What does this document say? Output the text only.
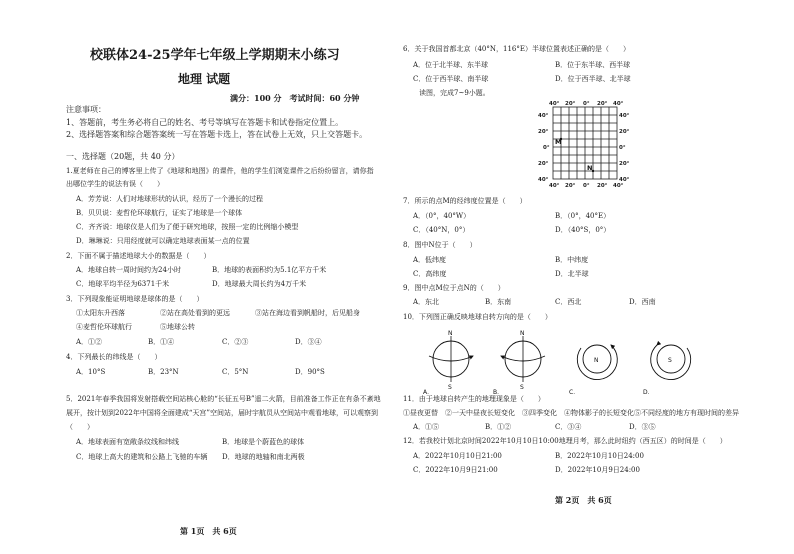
校联体24-25学年七年级上学期期末小练习
地理 试题
满分：100 分　考试时间：60 分钟
注意事项：
1、答题前，考生务必将自己的姓名、考号等填写在答题卡和试卷指定位置上。
2、选择题答案和综合题答案统一写在答题卡选上，答在试卷上无效，只上交答题卡。
一、选择题（20题，共 40 分）
1.夏老师在自己的博客里上传了《地球和地图》的课件，他的学生们浏览课件之后纷纷留言，请你指
出哪位学生的说法有误（　　）
A．芳芳说：人们对地球形状的认识，经历了一个漫长的过程
B．贝贝说：麦哲伦环球航行，证实了地球是一个球体
C．齐齐说：地球仪是人们为了便于研究地球，按照一定的比例缩小模型
D．琳琳说：只用经度就可以确定地球表面某一点的位置
2．下面不属于描述地球大小的数据是（　　）
A．地球自转一周时间约为24小时	B．地球的表面积约为5.1亿平方千米
C．地球平均半径为6371千米	D．地球最大周长约为4万千米
3．下列现象能证明地球是球体的是（　　）
①太阳东升西落	②站在高处看到的更远	③站在海边看到帆船时，后见船身
④麦哲伦环球航行	⑤地球公转
A．①②	B．①④	C．②③	D．③④
4．下列最长的纬线是（　　）
A．10°S	B．23°N	C．5°N	D．90°S
5．2021年春季我国将发射搭载空间站核心舱的“长征五号B”遥二火箭，目前准备工作正在有条不紊地
展开，按计划到2022年中国将全面建成“天宫”空间站，届时宇航员从空间站中观看地球，可以观察到
（　　）
A．地球表面有宽敞条纹线和纬线	B．地球是个蔚蓝色的球体
C．地球上高大的建筑和公路上飞驰的车辆 D．地球的地轴和南北两极
第 1页　共 6页
6．关于我国首都北京（40°N，116°E）半球位置表述正确的是（　　）
A．位于北半球、东半球	B．位于东半球、西半球
C．位于西半球、南半球	D．位于西半球、北半球
读图，完成7~9小题。
40° 20° 0° 20° 40°
40° 20° 0° 20° 40°
40°
20°
0°
20°
40°
40°
20°
0°
20°
40°
M
N
7．所示的点M的经纬度位置是（　　）
A．（0°，40°W）	B．（0°，40°E）
C．（40°N，0°）	D．（40°S，0°）
8．图中N位于（　　）
A．低纬度	B．中纬度
C．高纬度	D．北半球
9．图中点M位于点N的（　　）
A．东北	B．东南	C．西北	D．西南
10．下列图正确反映地球自转方向的是（　　）
N
S
A．
N
S
B．
N
C．
S
D．
11．由于地球自转产生的地理现象是（　　）
①昼夜更替　②一天中昼夜长短变化　③四季变化　④物体影子的长短变化⑤不同经度的地方有现时间的差异
A．①⑤	B．①②	C．③④	D．③⑤
12．若我校计划北京时间2022年10月10日10:00地理月考，那么此时纽约（西五区）的时间是（　　）
A．2022年10月10日21:00	B．2022年10月10日24:00
C．2022年10月9日21:00	D．2022年10月9日24:00
第 2页　共 6页
